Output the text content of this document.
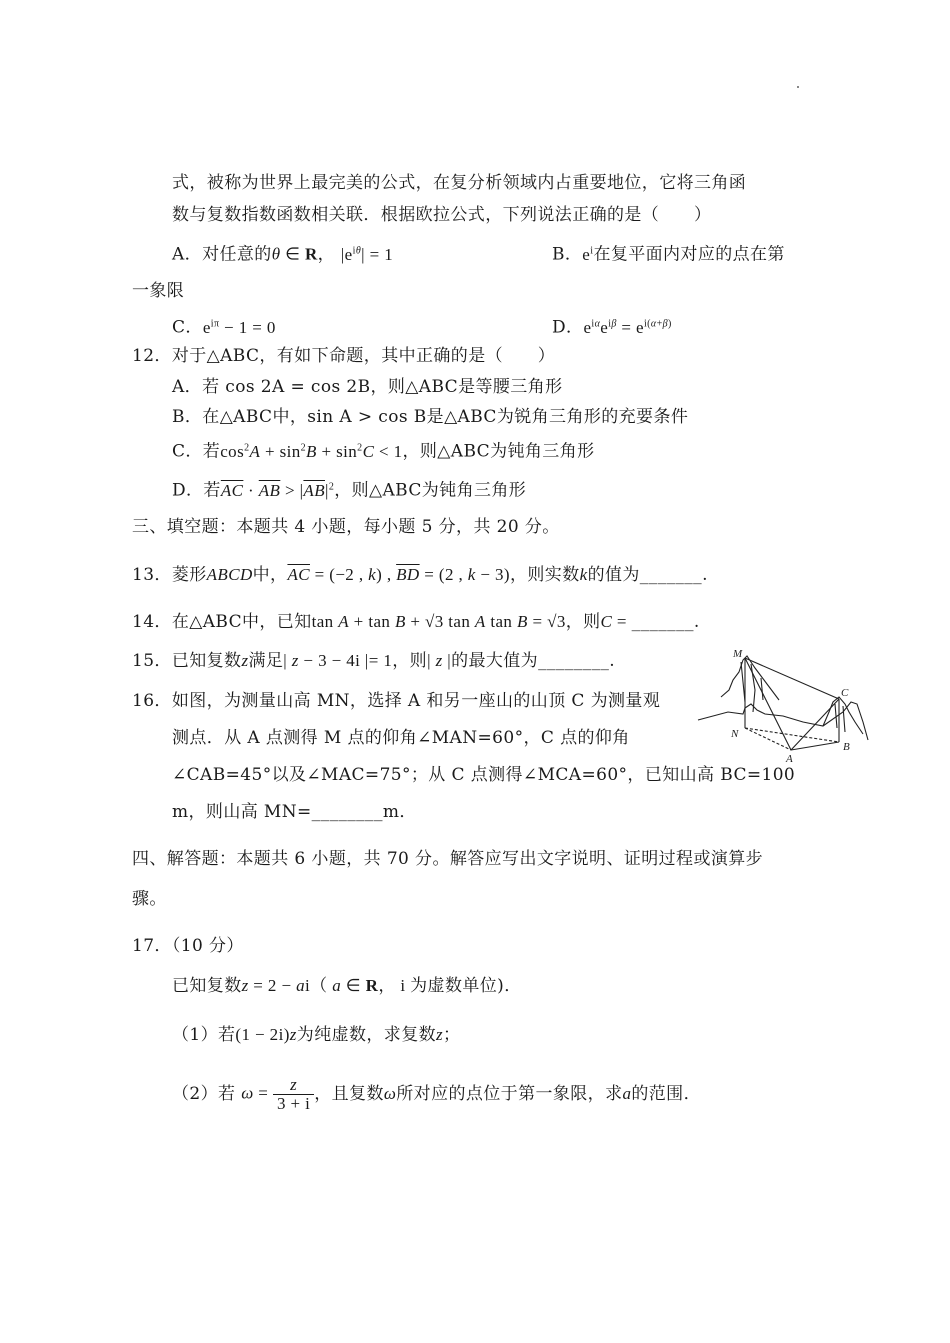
式，被称为世界上最完美的公式，在复分析领域内占重要地位，它将三角函
数与复数指数函数相关联．根据欧拉公式，下列说法正确的是（　　）
A．对任意的θ ∈ R， $|e^{i\theta}| = 1$	B．$e^i$在复平面内对应的点在第
一象限
C．$e^{i\pi} - 1 = 0$	D．$e^{i\alpha}e^{i\beta} = e^{i(\alpha+\beta)}$
12．对于△ABC，有如下命题，其中正确的是（　　）
A．若 cos 2A = cos 2B，则△ABC是等腰三角形
B．在△ABC中，sin A > cos B是△ABC为锐角三角形的充要条件
C．若$\cos^2A + \sin^2B + \sin^2C < 1$，则△ABC为钝角三角形
D．若$\overline{AC} \cdot \overline{AB} > |\overline{AB}|^2$，则△ABC为钝角三角形
三、填空题：本题共 4 小题，每小题 5 分，共 20 分。
13．菱形ABCD中，$\overline{AC} = (-2$ , k) , $\overline{BD} = (2$ , k − 3)，则实数k的值为_______.
14．在△ABC中，已知tan A + tan B + √3 tan A tan B = √3，则C = _______.
15．已知复数z满足| z − 3 − 4i |= 1，则| z |的最大值为________.
16．如图，为测量山高 MN，选择 A 和另一座山的山顶 C 为测量观
测点．从 A 点测得 M 点的仰角∠MAN=60°，C 点的仰角
∠CAB=45°以及∠MAC=75°；从 C 点测得∠MCA=60°，已知山高 BC=100
m，则山高 MN=________m．
M
N
A
B
C
四、解答题：本题共 6 小题，共 70 分。解答应写出文字说明、证明过程或演算步
骤。
17．（10 分）
已知复数z = 2 − ai（ a ∈ R， i 为虚数单位)．
（1）若(1 − 2i)z为纯虚数，求复数z；
（2）若 $\omega = \frac{z}{3 + i}$ ，且复数ω所对应的点位于第一象限，求a的范围．
